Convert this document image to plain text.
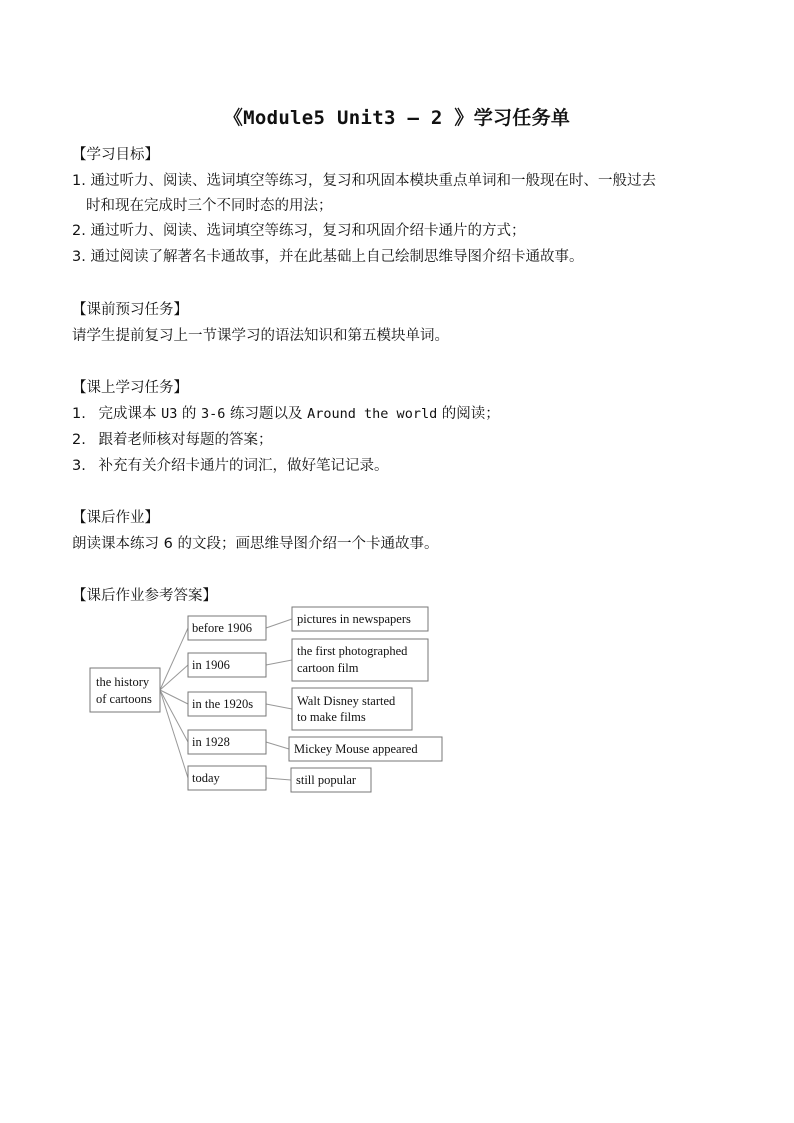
《Module5 Unit3 – 2 》学习任务单
【学习目标】
1. 通过听力、阅读、选词填空等练习，复习和巩固本模块重点单词和一般现在时、一般过去
时和现在完成时三个不同时态的用法；
2. 通过听力、阅读、选词填空等练习，复习和巩固介绍卡通片的方式；
3. 通过阅读了解著名卡通故事，并在此基础上自己绘制思维导图介绍卡通故事。
【课前预习任务】
请学生提前复习上一节课学习的语法知识和第五模块单词。
【课上学习任务】
1. 完成课本 U3 的 3-6 练习题以及 Around the world 的阅读；
2. 跟着老师核对每题的答案；
3. 补充有关介绍卡通片的词汇，做好笔记记录。
【课后作业】
朗读课本练习 6 的文段；画思维导图介绍一个卡通故事。
【课后作业参考答案】
the history
of cartoons
before 1906
pictures in newspapers
in 1906
the first photographed
cartoon film
in the 1920s	Walt Disney started
to make films
in 1928	Mickey Mouse appeared
today	still popular
